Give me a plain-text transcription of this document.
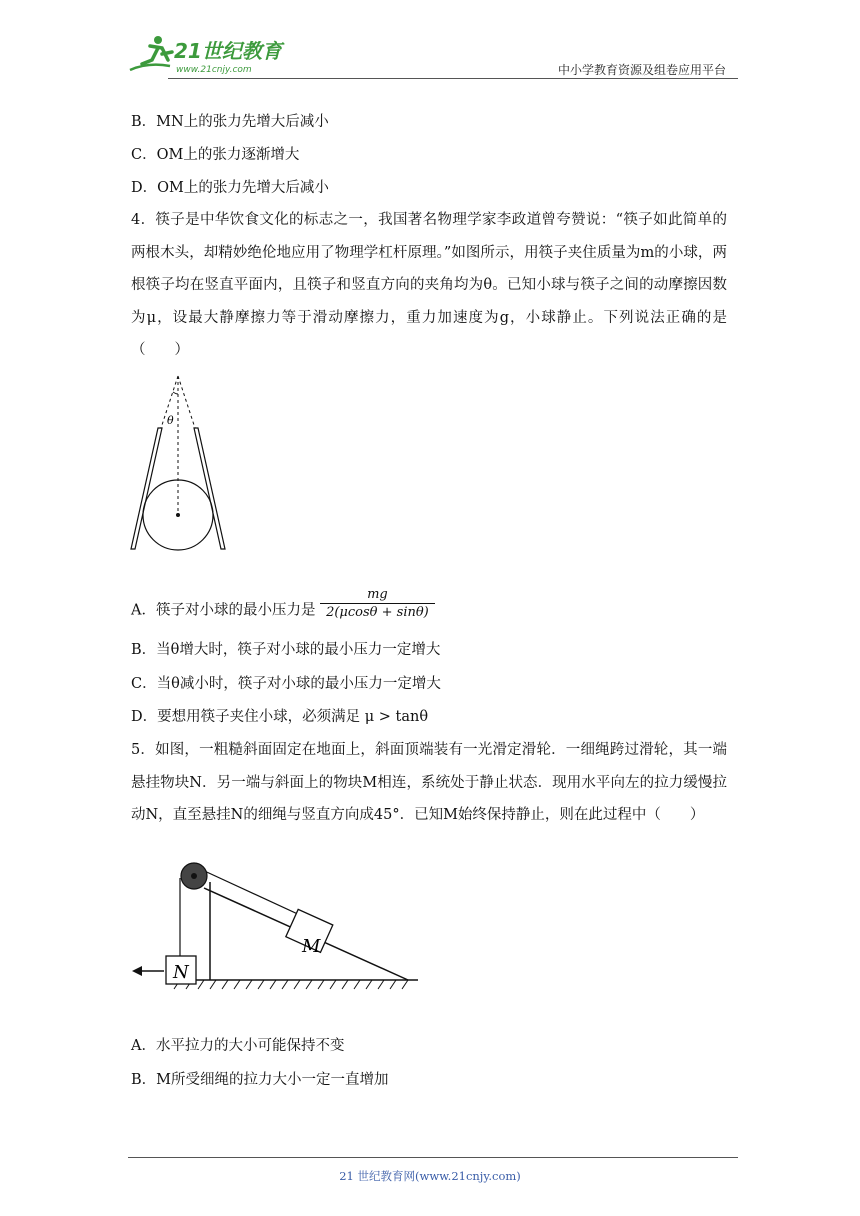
21世纪教育
www.21cnjy.com	中小学教育资源及组卷应用平台
B．MN上的张力先增大后减小
C．OM上的张力逐渐增大
D．OM上的张力先增大后减小
4．筷子是中华饮食文化的标志之一，我国著名物理学家李政道曾夸赞说：“筷子如此简单的两根木头，却精妙绝伦地应用了物理学杠杆原理。”如图所示，用筷子夹住质量为m的小球，两根筷子均在竖直平面内，且筷子和竖直方向的夹角均为θ。已知小球与筷子之间的动摩擦因数为μ，设最大静摩擦力等于滑动摩擦力，重力加速度为g，小球静止。下列说法正确的是（　　）
θ
A．筷子对小球的最小压力是 $\frac{mg}{2(\mu\cos\theta + \sin\theta)}$
B．当θ增大时，筷子对小球的最小压力一定增大
C．当θ减小时，筷子对小球的最小压力一定增大
D．要想用筷子夹住小球，必须满足 μ > tanθ
5．如图，一粗糙斜面固定在地面上，斜面顶端装有一光滑定滑轮．一细绳跨过滑轮，其一端悬挂物块N．另一端与斜面上的物块M相连，系统处于静止状态．现用水平向左的拉力缓慢拉动N，直至悬挂N的细绳与竖直方向成45°．已知M始终保持静止，则在此过程中（　　）
M
N
A．水平拉力的大小可能保持不变
B．M所受细绳的拉力大小一定一直增加
21 世纪教育网(www.21cnjy.com)
